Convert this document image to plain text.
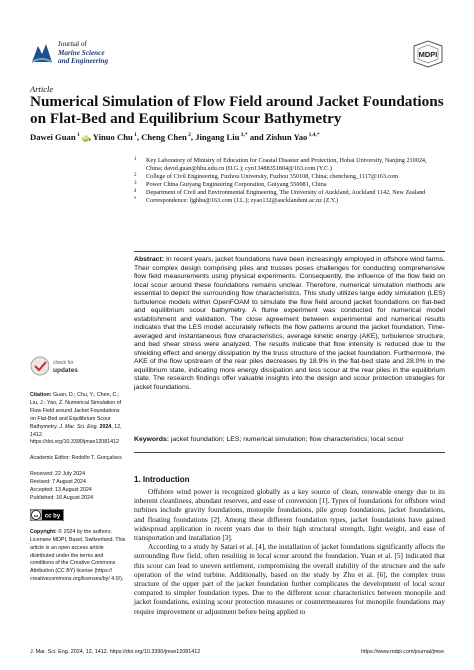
Journal of
Marine Science
and Engineering
MDPI
Article
Numerical Simulation of Flow Field around Jacket Foundations on Flat-Bed and Equilibrium Scour Bathymetry
Dawei Guan $^1$ iD, Yinuo Chu $^1$, Cheng Chen $^2$, Jingang Liu $^{3,*}$ and Zishun Yao $^{1,4,*}$
1 Key Laboratory of Ministry of Education for Coastal Disaster and Protection, Hohai University, Nanjing 210024, China; david.guan@hhu.edu.cn (D.G.); cyn13488351804@163.com (Y.C.)
2 College of Civil Engineering, Fuzhou University, Fuzhou 350108, China; chencheng_1117@163.com
3 Power China Guiyang Engineering Corporation, Guiyang 550081, China
4 Department of Civil and Environmental Engineering, The University of Auckland, Auckland 1142, New Zealand
* Correspondence: ljghhu@163.com (J.L.); zyao132@aucklanduni.ac.nz (Z.Y.)
check for
updates
Citation: Guan, D.; Chu, Y.; Chen, C.; Liu, J.; Yao, Z. Numerical Simulation of Flow Field around Jacket Foundations on Flat-Bed and Equilibrium Scour Bathymetry. J. Mar. Sci. Eng. 2024, 12, 1412. https://doi.org/10.3390/jmse12081412
Academic Editor: Rodolfo T. Gonçalves
Received: 22 July 2024
Revised: 7 August 2024
Accepted: 13 August 2024
Published: 16 August 2024
cc cc by
Copyright: © 2024 by the authors. Licensee MDPI, Basel, Switzerland. This article is an open access article distributed under the terms and conditions of the Creative Commons Attribution (CC BY) license (https:// creativecommons.org/licenses/by/ 4.0/).
Abstract: In recent years, jacket foundations have been increasingly employed in offshore wind farms. Their complex design comprising piles and trusses poses challenges for conducting comprehensive flow field measurements using physical experiments. Consequently, the influence of the flow field on local scour around these foundations remains unclear. Therefore, numerical simulation methods are essential to depict the surrounding flow characteristics. This study utilizes large eddy simulation (LES) turbulence models within OpenFOAM to simulate the flow field around jacket foundations on flat-bed and equilibrium scour bathymetry. A flume experiment was conducted for numerical model establishment and validation. The close agreement between experimental and numerical results indicates that the LES model accurately reflects the flow patterns around the jacket foundation. Time-averaged and instantaneous flow characteristics, average kinetic energy (AKE), turbulence structure, and bed shear stress were analyzed. The results indicate that flow intensity is reduced due to the shielding effect and energy dissipation by the truss structure of the jacket foundation. Furthermore, the AKE of the flow upstream of the rear piles decreases by 18.9% in the flat-bed state and 28.0% in the equilibrium state, indicating more energy dissipation and less scour at the rear piles in the equilibrium state. The research findings offer valuable insights into the design and scour protection strategies for jacket foundations.
Keywords: jacket foundation; LES; numerical simulation; flow characteristics; local scour
1. Introduction

Offshore wind power is recognized globally as a key source of clean, renewable energy due to its inherent cleanliness, abundant reserves, and ease of conversion [1]. Types of foundations for offshore wind turbines include gravity foundations, monopile foundations, pile group foundations, jacket foundations, and floating foundations [2]. Among these different foundation types, jacket foundations have gained widespread application in recent years due to their high structural strength, light weight, and ease of transportation and installation [3].

According to a study by Satari et al. [4], the installation of jacket foundations significantly affects the surrounding flow field, often resulting in local scour around the foundation. Yuan et al. [5] indicated that this scour can lead to uneven settlement, compromising the overall stability of the structure and the safe operation of the wind turbine. Additionally, based on the study by Zhu et al. [6], the complex truss structure of the upper part of the jacket foundation further complicates the development of local scour compared to simpler foundation types. Due to the different scour characteristics between monopile and jacket foundations, existing scour protection measures or countermeasures for monopile foundations may require improvement or adjustment before being applied to

J. Mar. Sci. Eng. 2024, 12, 1412. https://doi.org/10.3390/jmse12081412	https://www.mdpi.com/journal/jmse
